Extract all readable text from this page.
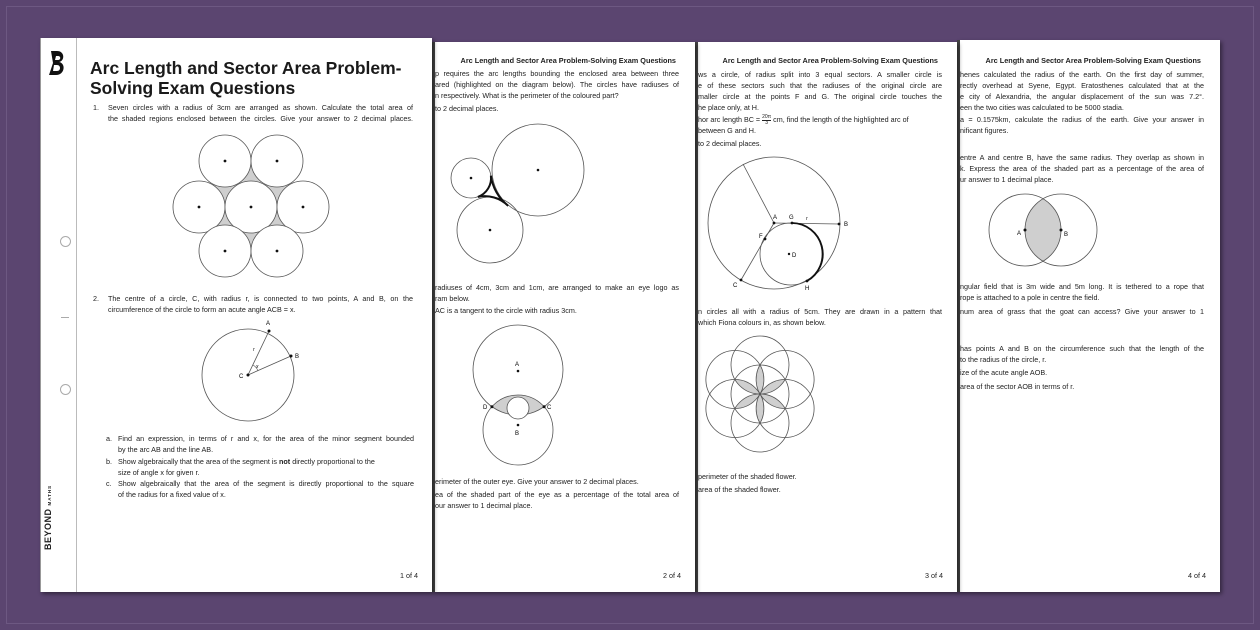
BEYONDMATHS
Arc Length and Sector Area Problem-
Solving Exam Questions
1. Seven circles with a radius of 3cm are arranged as shown. Calculate the total area of
the shaded regions enclosed between the circles. Give your answer to 2 decimal places.
2. The centre of a circle, C, with radius r, is connected to two points, A and B, on the
circumference of the circle to form an acute angle ACB = x.
A
B
C
r
x
a. Find an expression, in terms of r and x, for the area of the minor segment bounded
by the arc AB and the line AB.
b. Show algebraically that the area of the segment is not directly proportional to the
size of angle x for given r.
c. Show algebraically that the area of the segment is directly proportional to the square
of the radius for a fixed value of x.
1 of 4
Arc Length and Sector Area Problem-Solving Exam Questions
p requires the arc lengths bounding the enclosed area between three
ared (highlighted on the diagram below). The circles have radiuses of
n respectively. What is the perimeter of the coloured part?
to 2 decimal places.
radiuses of 4cm, 3cm and 1cm, are arranged to make an eye logo as
ram below.
AC is a tangent to the circle with radius 3cm.
A
B
D	C
erimeter of the outer eye. Give your answer to 2 decimal places.
ea of the shaded part of the eye as a percentage of the total area of
our answer to 1 decimal place.
2 of 4
Arc Length and Sector Area Problem-Solving Exam Questions
ws a circle, of radius split into 3 equal sectors. A smaller circle is
e of these sectors such that the radiuses of the original circle are
maller circle at the points F and G. The original circle touches the
he place only, at H.
hor arc length BC = $\frac{20\pi}{3}$ cm, find the length of the highlighted arc of
between G and H.
to 2 decimal places.
A
B
C
D
F
G
H
r
n circles all with a radius of 5cm. They are drawn in a pattern that
which Fiona colours in, as shown below.
perimeter of the shaded flower.
area of the shaded flower.
3 of 4
Arc Length and Sector Area Problem-Solving Exam Questions
henes calculated the radius of the earth. On the first day of summer,
rectly overhead at Syene, Egypt. Eratosthenes calculated that at the
e city of Alexandria, the angular displacement of the sun was 7.2°.
een the two cities was calculated to be 5000 stadia.
a = 0.1575km, calculate the radius of the earth. Give your answer in
nificant figures.
entre A and centre B, have the same radius. They overlap as shown in
k. Express the area of the shaded part as a percentage of the area of
ur answer to 1 decimal place.
A	B
ngular field that is 3m wide and 5m long. It is tethered to a rope that
rope is attached to a pole in centre the field.
num area of grass that the goat can access? Give your answer to 1
has points A and B on the circumference such that the length of the
to the radius of the circle, r.
ize of the acute angle AOB.
area of the sector AOB in terms of r.
4 of 4
